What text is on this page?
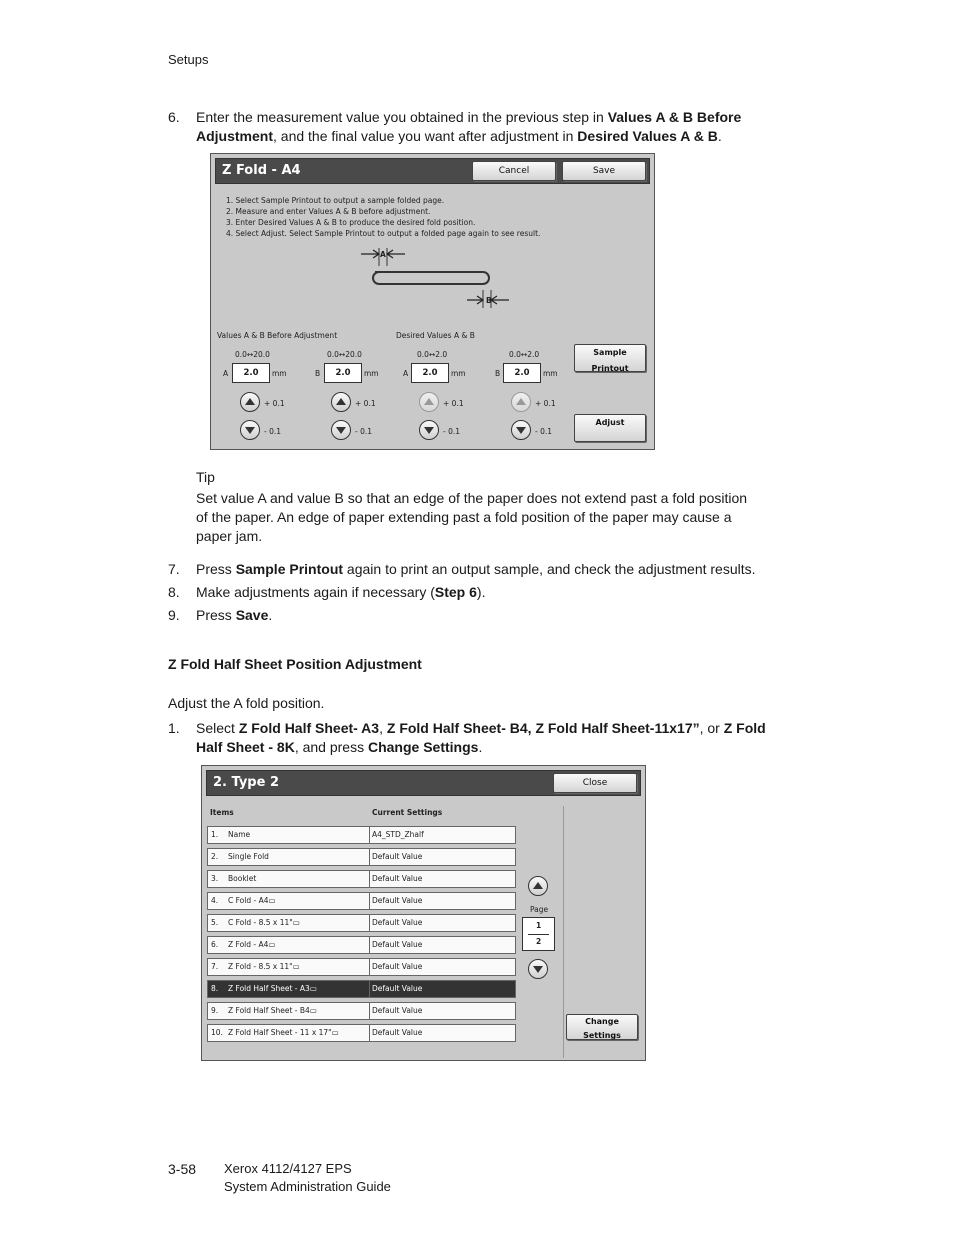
Setups
6. Enter the measurement value you obtained in the previous step in Values A & B Before
Adjustment, and the final value you want after adjustment in Desired Values A & B.
Z Fold - A4	Cancel	Save
1. Select Sample Printout to output a sample folded page.
2. Measure and enter Values A & B before adjustment.
3. Enter Desired Values A & B to produce the desired fold position.
4. Select Adjust. Select Sample Printout to output a folded page again to see result.
A
B
Values A & B Before Adjustment	Desired Values A & B
0.0↔20.0
A	2.0	mm
+ 0.1
- 0.1
0.0↔20.0
B	2.0	mm
+ 0.1
- 0.1
0.0↔2.0
A	2.0	mm
+ 0.1
- 0.1
0.0↔2.0
B	2.0	mm
+ 0.1
- 0.1
Sample Printout
Adjust
Tip
Set value A and value B so that an edge of the paper does not extend past a fold position
of the paper. An edge of paper extending past a fold position of the paper may cause a
paper jam.
7. Press Sample Printout again to print an output sample, and check the adjustment results.
8. Make adjustments again if necessary (Step 6).
9. Press Save.
Z Fold Half Sheet Position Adjustment
Adjust the A fold position.
1. Select Z Fold Half Sheet- A3, Z Fold Half Sheet- B4, Z Fold Half Sheet-11x17”, or Z Fold
Half Sheet - 8K, and press Change Settings.
2. Type 2	Close
Items	Current Settings
1. Name	A4_STD_Zhalf
2. Single Fold	Default Value
3. Booklet	Default Value
4. C Fold - A4▭	Default Value
5. C Fold - 8.5 x 11"▭	Default Value
6. Z Fold - A4▭	Default Value
7. Z Fold - 8.5 x 11"▭	Default Value
8. Z Fold Half Sheet - A3▭	Default Value
9. Z Fold Half Sheet - B4▭	Default Value
10. Z Fold Half Sheet - 11 x 17"▭	Default Value
Page
1
2
Change Settings
3-58 Xerox 4112/4127 EPS
System Administration Guide
